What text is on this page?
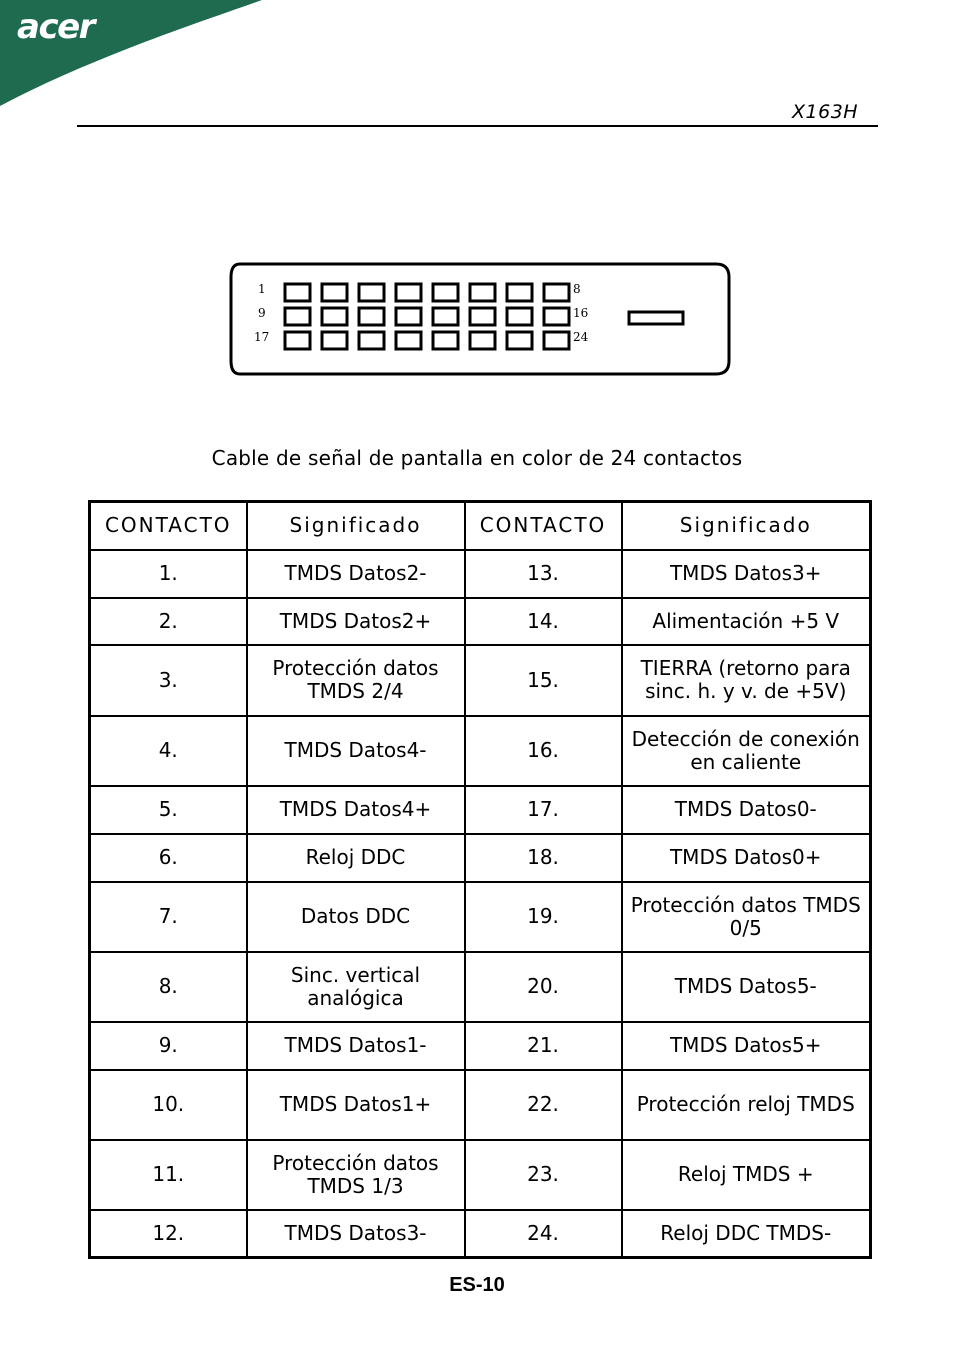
acer
X163H
1
9
17
8
16
24
Cable de señal de pantalla en color de 24 contactos
CONTACTO	Significado	CONTACTO	Significado
1.	TMDS Datos2-	13.	TMDS Datos3+
2.	TMDS Datos2+	14.	Alimentación +5 V
3.	Protección datos TMDS 2/4	15.	TIERRA (retorno para sinc. h. y v. de +5V)
4.	TMDS Datos4-	16.	Detección de conexión en caliente
5.	TMDS Datos4+	17.	TMDS Datos0-
6.	Reloj DDC	18.	TMDS Datos0+
7.	Datos DDC	19.	Protección datos TMDS 0/5
8.	Sinc. vertical analógica	20.	TMDS Datos5-
9.	TMDS Datos1-	21.	TMDS Datos5+
10.	TMDS Datos1+	22.	Protección reloj TMDS
11.	Protección datos TMDS 1/3	23.	Reloj TMDS +
12.	TMDS Datos3-	24.	Reloj DDC TMDS-
ES-10
